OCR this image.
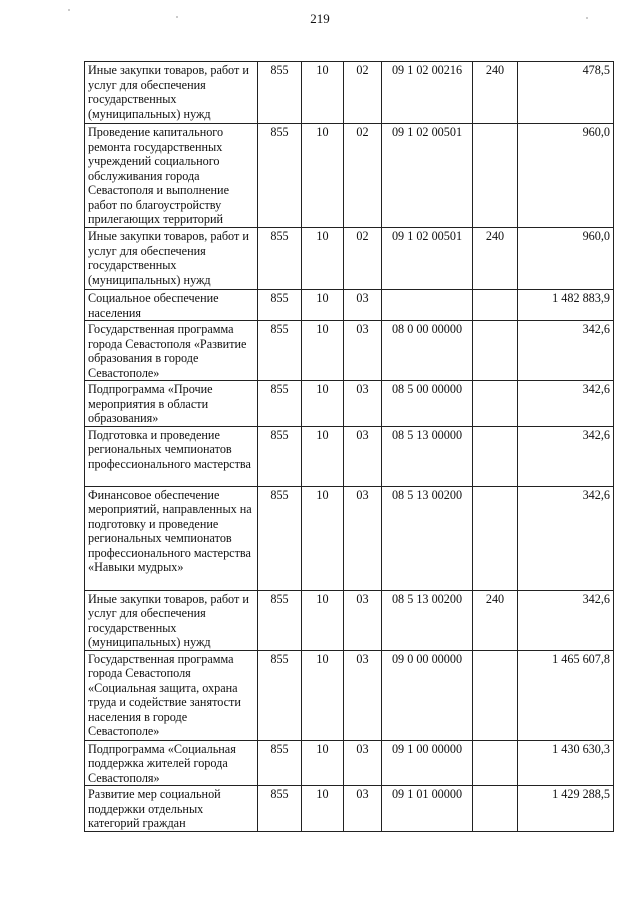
219
Иные закупки товаров, работ и услуг для обеспечения государственных (муниципальных) нужд	855	10	02	09 1 02 00216	240	478,5
Проведение капитального ремонта государственных учреждений социального обслуживания города Севастополя и выполнение работ по благоустройству прилегающих территорий	855	10	02	09 1 02 00501		960,0
Иные закупки товаров, работ и услуг для обеспечения государственных (муниципальных) нужд	855	10	02	09 1 02 00501	240	960,0
Социальное обеспечение населения	855	10	03			1 482 883,9
Государственная программа города Севастополя «Развитие образования в городе Севастополе»	855	10	03	08 0 00 00000		342,6
Подпрограмма «Прочие мероприятия в области образования»	855	10	03	08 5 00 00000		342,6
Подготовка и проведение региональных чемпионатов профессионального мастерства	855	10	03	08 5 13 00000		342,6
Финансовое обеспечение мероприятий, направленных на подготовку и проведение региональных чемпионатов профессионального мастерства «Навыки мудрых»	855	10	03	08 5 13 00200		342,6
Иные закупки товаров, работ и услуг для обеспечения государственных (муниципальных) нужд	855	10	03	08 5 13 00200	240	342,6
Государственная программа города Севастополя «Социальная защита, охрана труда и содействие занятости населения в городе Севастополе»	855	10	03	09 0 00 00000		1 465 607,8
Подпрограмма «Социальная поддержка жителей города Севастополя»	855	10	03	09 1 00 00000		1 430 630,3
Развитие мер социальной поддержки отдельных категорий граждан	855	10	03	09 1 01 00000		1 429 288,5
